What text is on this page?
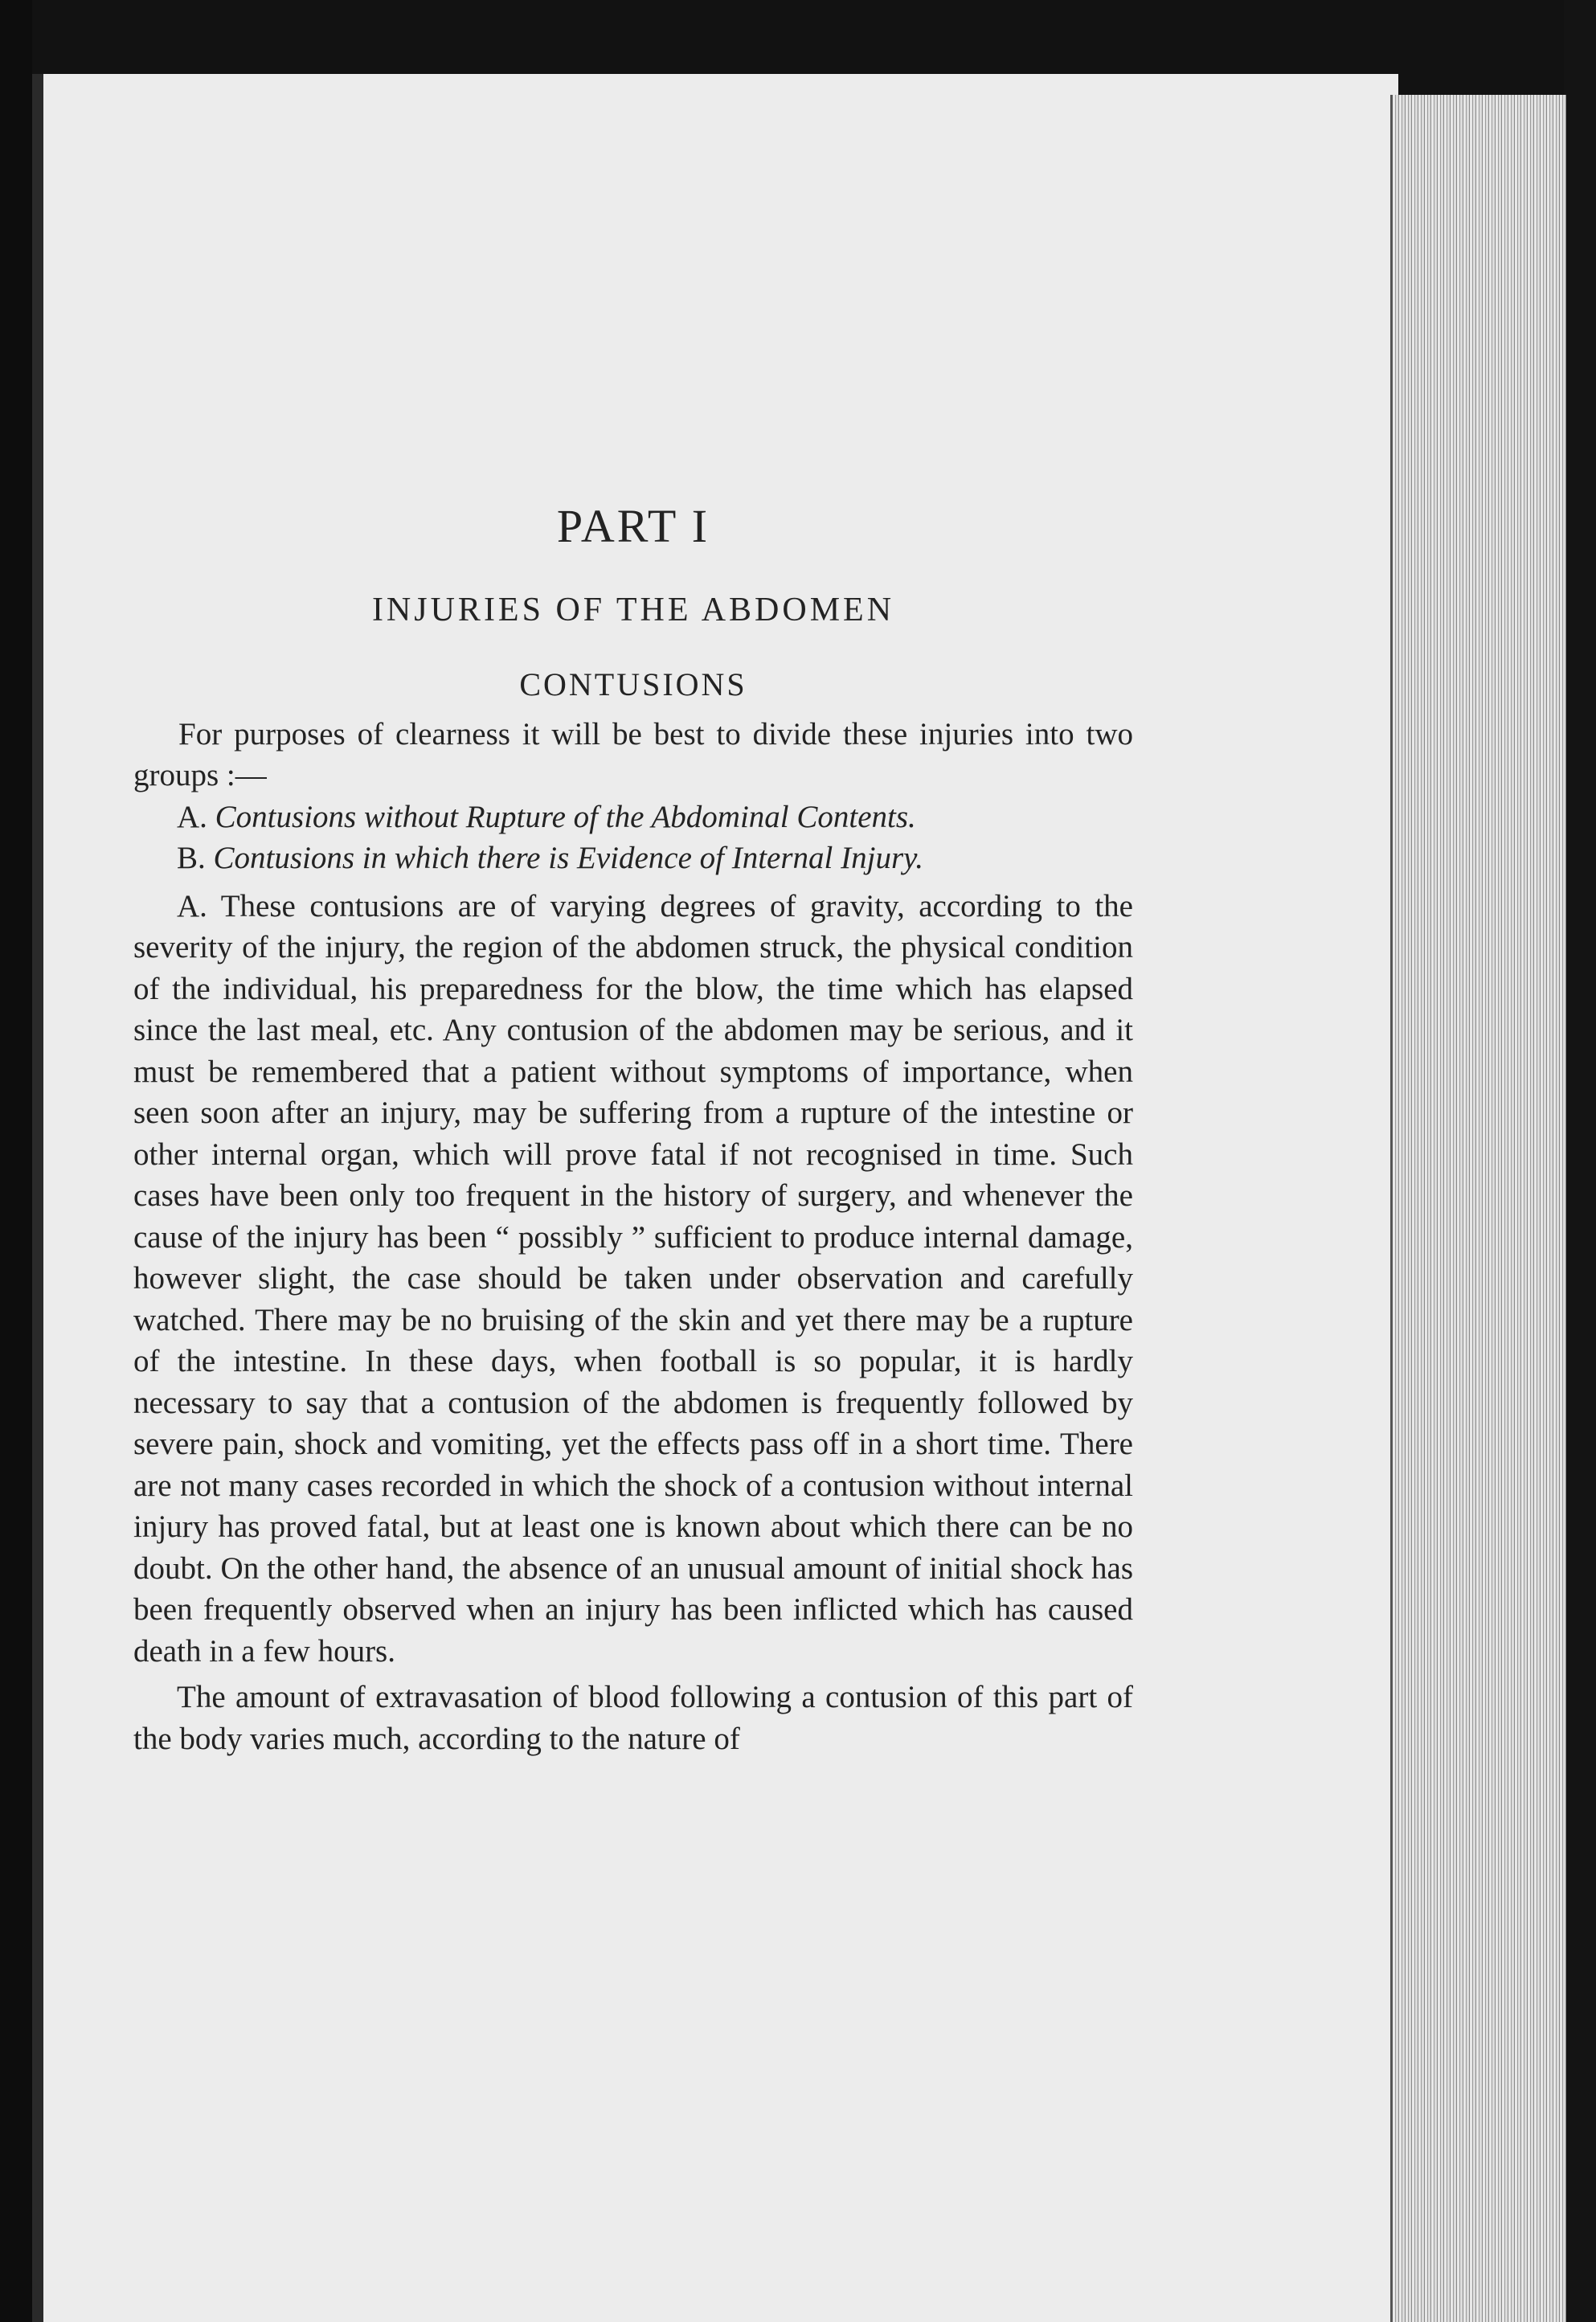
PART I
INJURIES OF THE ABDOMEN
CONTUSIONS

For purposes of clearness it will be best to divide these injuries into two groups :—

A. Contusions without Rupture of the Abdominal Contents.

B. Contusions in which there is Evidence of Internal Injury.

A. These contusions are of varying degrees of gravity, according to the severity of the injury, the region of the abdomen struck, the physical condition of the individual, his preparedness for the blow, the time which has elapsed since the last meal, etc. Any contusion of the abdomen may be serious, and it must be remembered that a patient without symptoms of importance, when seen soon after an injury, may be suffering from a rupture of the intestine or other internal organ, which will prove fatal if not recognised in time. Such cases have been only too frequent in the history of surgery, and whenever the cause of the injury has been “ possibly ” sufficient to produce internal damage, however slight, the case should be taken under observation and carefully watched. There may be no bruising of the skin and yet there may be a rupture of the intestine. In these days, when football is so popular, it is hardly necessary to say that a contusion of the abdomen is frequently followed by severe pain, shock and vomiting, yet the effects pass off in a short time. There are not many cases recorded in which the shock of a contusion without internal injury has proved fatal, but at least one is known about which there can be no doubt. On the other hand, the absence of an unusual amount of initial shock has been frequently observed when an injury has been inflicted which has caused death in a few hours.

The amount of extravasation of blood following a contusion of this part of the body varies much, according to the nature of
